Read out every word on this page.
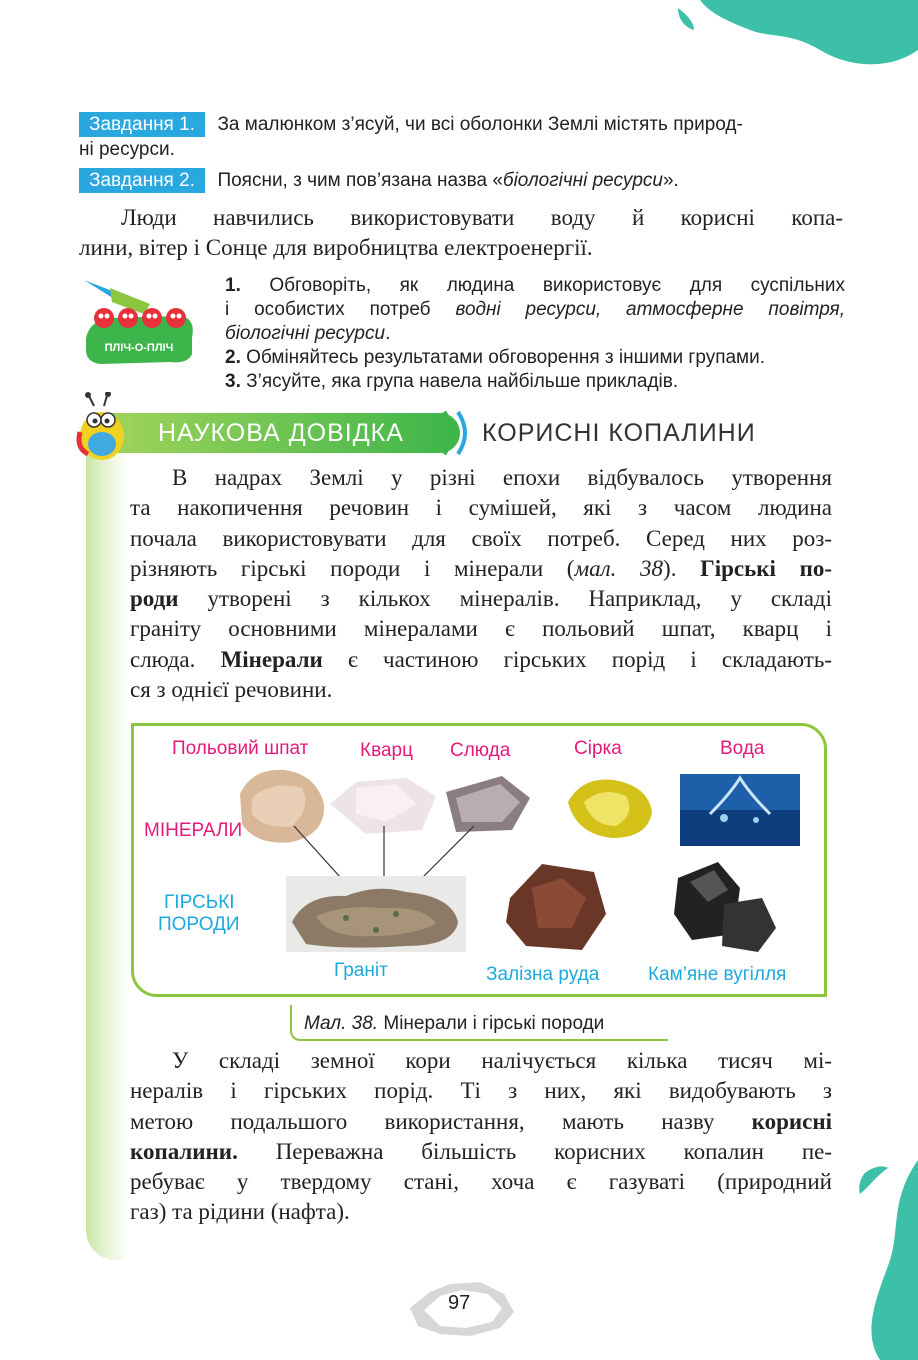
Завдання 1. За малюнком з’ясуй, чи всі оболонки Землі містять природ-
ні ресурси.
Завдання 2. Поясни, з чим пов’язана назва «біологічні ресурси».
Люди навчились використовувати воду й корисні копа-
лини, вітер і Сонце для виробництва електроенергії.
ПЛІЧ-О-ПЛІЧ
1. Обговоріть, як людина використовує для суспільних
і особистих потреб водні ресурси, атмосферне повітря,
біологічні ресурси.
2. Обміняйтесь результатами обговорення з іншими групами.
3. З’ясуйте, яка група навела найбільше прикладів.
НАУКОВА ДОВІДКА	КОРИСНІ КОПАЛИНИ
В надрах Землі у різні епохи відбувалось утворення
та накопичення речовин і сумішей, які з часом людина
почала використовувати для своїх потреб. Серед них роз-
різняють гірські породи і мінерали (мал. 38). Гірські по-
роди утворені з кількох мінералів. Наприклад, у складі
граніту основними мінералами є польовий шпат, кварц і
слюда. Мінерали є частиною гірських порід і складають-
ся з однієї речовини.
Польовий шпат	Кварц Слюда	Сірка	Вода
МІНЕРАЛИ
ГІРСЬКІ
ПОРОДИ
Граніт	Залізна руда	Кам’яне вугілля
Мал. 38. Мінерали і гірські породи
У складі земної кори налічується кілька тисяч мі-
нералів і гірських порід. Ті з них, які видобувають з
метою подальшого використання, мають назву корисні
копалини. Переважна більшість корисних копалин пе-
ребуває у твердому стані, хоча є газуваті (природний
газ) та рідини (нафта).
97
